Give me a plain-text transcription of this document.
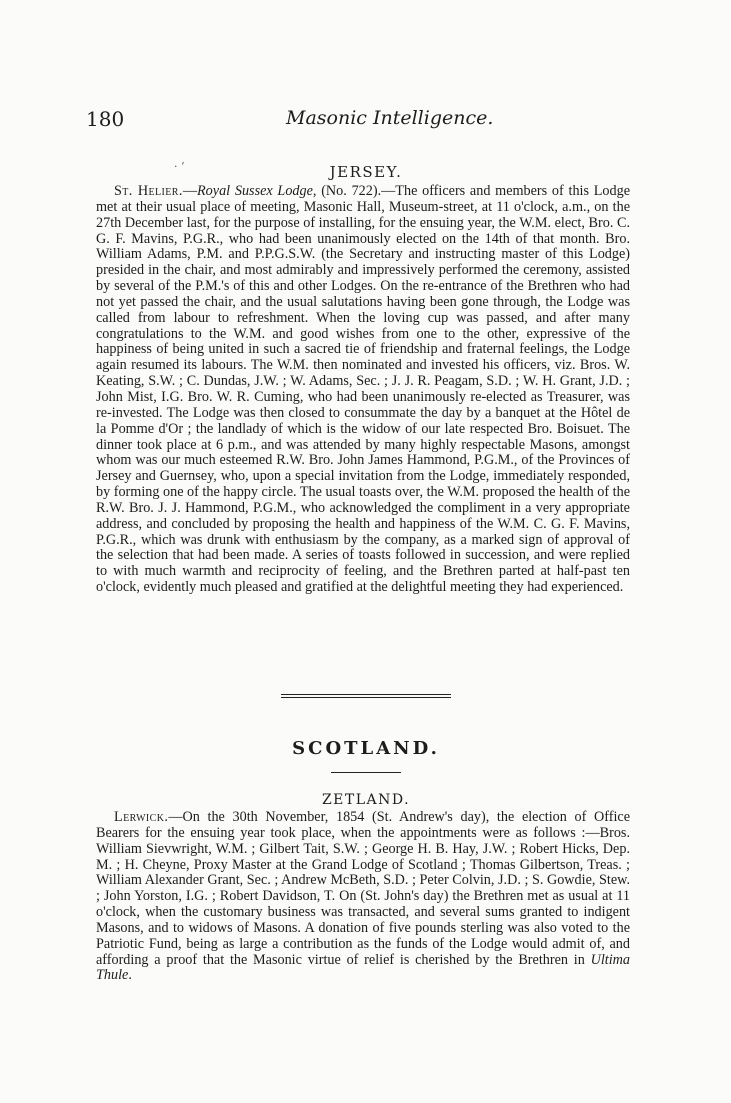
180	Masonic Intelligence.
· ‘	JERSEY.

St. Helier.—Royal Sussex Lodge, (No. 722).—The officers and members of this Lodge met at their usual place of meeting, Masonic Hall, Museum-street, at 11 o'clock, a.m., on the 27th December last, for the purpose of installing, for the ensuing year, the W.M. elect, Bro. C. G. F. Mavins, P.G.R., who had been unanimously elected on the 14th of that month. Bro. William Adams, P.M. and P.P.G.S.W. (the Secretary and instructing master of this Lodge) presided in the chair, and most admirably and impressively performed the ceremony, assisted by several of the P.M.'s of this and other Lodges. On the re-entrance of the Brethren who had not yet passed the chair, and the usual salutations having been gone through, the Lodge was called from labour to refreshment. When the loving cup was passed, and after many congratulations to the W.M. and good wishes from one to the other, expressive of the happiness of being united in such a sacred tie of friendship and fraternal feelings, the Lodge again resumed its labours. The W.M. then nominated and invested his officers, viz. Bros. W. Keating, S.W. ; C. Dundas, J.W. ; W. Adams, Sec. ; J. J. R. Peagam, S.D. ; W. H. Grant, J.D. ; John Mist, I.G. Bro. W. R. Cuming, who had been unanimously re-elected as Treasurer, was re-invested. The Lodge was then closed to consummate the day by a banquet at the Hôtel de la Pomme d'Or ; the landlady of which is the widow of our late respected Bro. Boisuet. The dinner took place at 6 p.m., and was attended by many highly respectable Masons, amongst whom was our much esteemed R.W. Bro. John James Hammond, P.G.M., of the Provinces of Jersey and Guernsey, who, upon a special invitation from the Lodge, immediately responded, by forming one of the happy circle. The usual toasts over, the W.M. proposed the health of the R.W. Bro. J. J. Hammond, P.G.M., who acknowledged the compliment in a very appropriate address, and concluded by proposing the health and happiness of the W.M. C. G. F. Mavins, P.G.R., which was drunk with enthusiasm by the company, as a marked sign of approval of the selection that had been made. A series of toasts followed in succession, and were replied to with much warmth and reciprocity of feeling, and the Brethren parted at half-past ten o'clock, evidently much pleased and gratified at the delightful meeting they had experienced.

SCOTLAND.
ZETLAND.

Lerwick.—On the 30th November, 1854 (St. Andrew's day), the election of Office Bearers for the ensuing year took place, when the appointments were as follows :—Bros. William Sievwright, W.M. ; Gilbert Tait, S.W. ; George H. B. Hay, J.W. ; Robert Hicks, Dep. M. ; H. Cheyne, Proxy Master at the Grand Lodge of Scotland ; Thomas Gilbertson, Treas. ; William Alexander Grant, Sec. ; Andrew McBeth, S.D. ; Peter Colvin, J.D. ; S. Gowdie, Stew. ; John Yorston, I.G. ; Robert Davidson, T. On (St. John's day) the Brethren met as usual at 11 o'clock, when the customary business was transacted, and several sums granted to indigent Masons, and to widows of Masons. A donation of five pounds sterling was also voted to the Patriotic Fund, being as large a contribution as the funds of the Lodge would admit of, and affording a proof that the Masonic virtue of relief is cherished by the Brethren in Ultima Thule.
